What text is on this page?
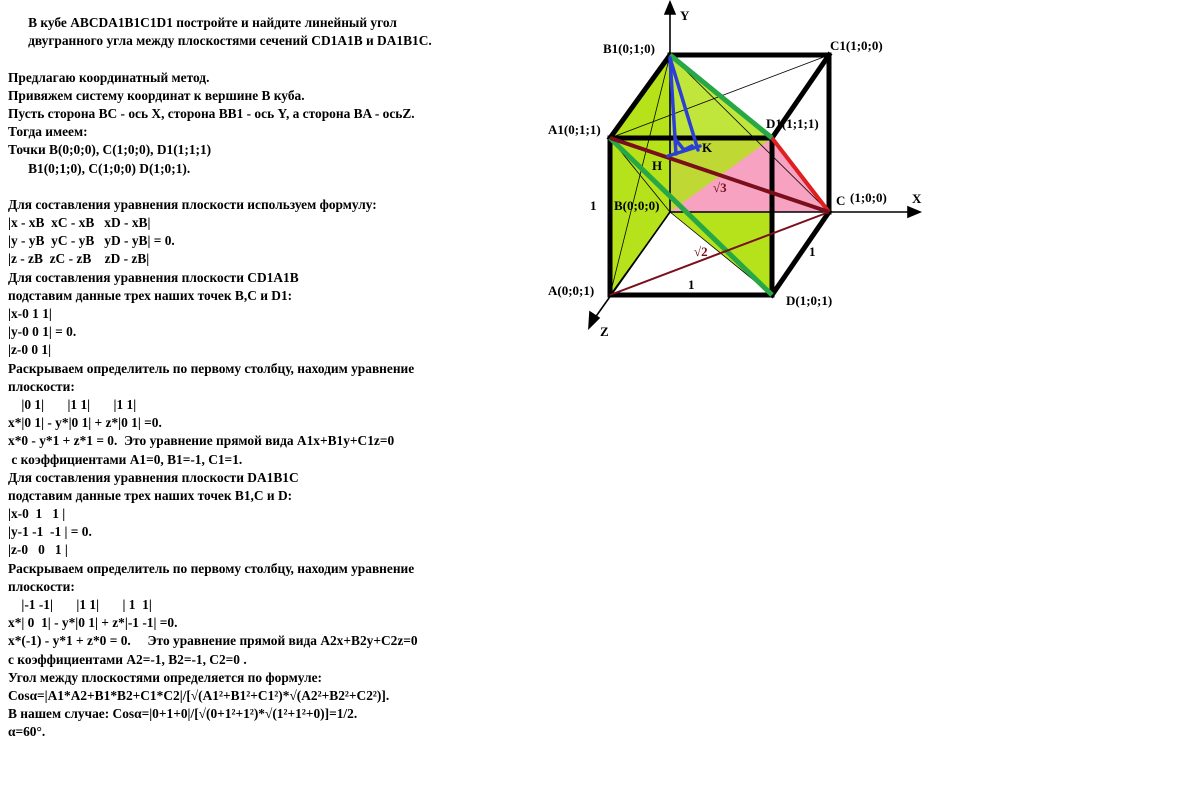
В кубе ABCDA1B1C1D1 постройте и найдите линейный угол
двугранного угла между плоскостями сечений CD1A1B и DA1B1C.
Предлагаю координатный метод.
Привяжем систему координат к вершине B куба.
Пусть сторона BC - ось X, сторона BB1 - ось Y, а сторона BA - осьZ.
Тогда имеем:
Точки B(0;0;0), C(1;0;0), D1(1;1;1)
B1(0;1;0), C(1;0;0) D(1;0;1).
Для составления уравнения плоскости используем формулу:
|x - xB  xC - xB   xD - xB|
|y - yB  yC - yB   yD - yB| = 0.
|z - zB  zC - zB    zD - zB|
Для составления уравнения плоскости CD1A1B
подставим данные трех наших точек B,C и D1:
|x-0 1 1|
|y-0 0 1| = 0.
|z-0 0 1|
Раскрываем определитель по первому столбцу, находим уравнение
плоскости:
|0 1|       |1 1|       |1 1|
x*|0 1| - y*|0 1| + z*|0 1| =0.
x*0 - y*1 + z*1 = 0.  Это уравнение прямой вида A1x+B1y+C1z=0
с коэффициентами A1=0, B1=-1, C1=1.
Для составления уравнения плоскости DA1B1C
подставим данные трех наших точек B1,C и D:
|x-0  1   1 |
|y-1 -1  -1 | = 0.
|z-0   0   1 |
Раскрываем определитель по первому столбцу, находим уравнение
плоскости:
|-1 -1|       |1 1|       | 1  1|
x*| 0  1| - y*|0 1| + z*|-1 -1| =0.
x*(-1) - y*1 + z*0 = 0.     Это уравнение прямой вида A2x+B2y+C2z=0
с коэффициентами A2=-1, B2=-1, C2=0 .
Угол между плоскостями определяется по формуле:
Cosα=|A1*A2+B1*B2+C1*C2|/[√(A1²+B1²+C1²)*√(A2²+B2²+C2²)].
В нашем случае: Cosα=|0+1+0|/[√(0+1²+1²)*√(1²+1²+0)]=1/2.
α=60°.
Y
X
Z
B1(0;1;0)	C1(1;0;0)
A1(0;1;1)	D1(1;1;1)
B(0;0;0)	C (1;0;0)
A(0;0;1)
D(1;0;1)
H
K
1
1
1
√3
√2
